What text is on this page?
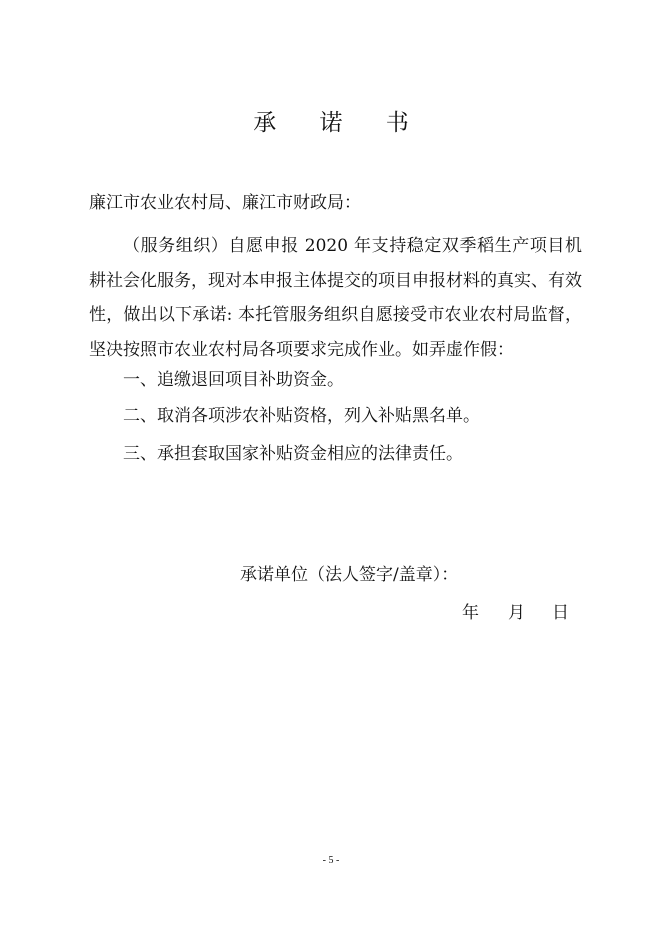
承 诺 书
廉江市农业农村局、廉江市财政局：
（服务组织）自愿申报 2020 年支持稳定双季稻生产项目机耕社会化服务，现对本申报主体提交的项目申报材料的真实、有效性，做出以下承诺: 本托管服务组织自愿接受市农业农村局监督，坚决按照市农业农村局各项要求完成作业。如弄虚作假：
一、追缴退回项目补助资金。
二、取消各项涉农补贴资格，列入补贴黑名单。
三、承担套取国家补贴资金相应的法律责任。
承诺单位（法人签字/盖章）：
年 月 日
- 5 -
